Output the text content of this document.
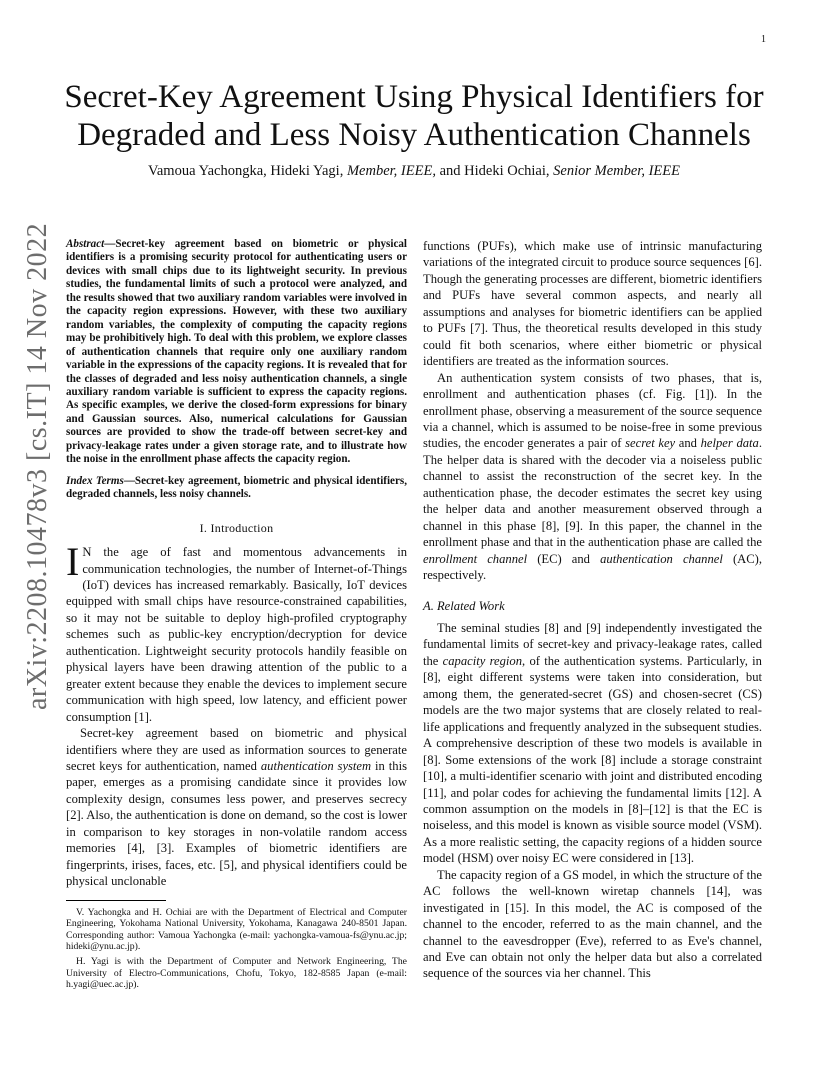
1
arXiv:2208.10478v3 [cs.IT] 14 Nov 2022
Secret-Key Agreement Using Physical Identifiers for
Degraded and Less Noisy Authentication Channels
Vamoua Yachongka, Hideki Yagi, Member, IEEE, and Hideki Ochiai, Senior Member, IEEE

Abstract—Secret-key agreement based on biometric or physical identifiers is a promising security protocol for authenticating users or devices with small chips due to its lightweight security. In previous studies, the fundamental limits of such a protocol were analyzed, and the results showed that two auxiliary random variables were involved in the capacity region expressions. However, with these two auxiliary random variables, the complexity of computing the capacity regions may be prohibitively high. To deal with this problem, we explore classes of authentication channels that require only one auxiliary random variable in the expressions of the capacity regions. It is revealed that for the classes of degraded and less noisy authentication channels, a single auxiliary random variable is sufficient to express the capacity regions. As specific examples, we derive the closed-form expressions for binary and Gaussian sources. Also, numerical calculations for Gaussian sources are provided to show the trade-off between secret-key and privacy-leakage rates under a given storage rate, and to illustrate how the noise in the enrollment phase affects the capacity region.

Index Terms—Secret-key agreement, biometric and physical identifiers, degraded channels, less noisy channels.

I. Introduction

I N the age of fast and momentous advancements in communication technologies, the number of Internet-of-Things (IoT) devices has increased remarkably. Basically, IoT devices equipped with small chips have resource-constrained capabilities, so it may not be suitable to deploy high-profiled cryptography schemes such as public-key encryption/decryption for device authentication. Lightweight security protocols handily feasible on physical layers have been drawing attention of the public to a greater extent because they enable the devices to implement secure communication with high speed, low latency, and efficient power consumption [1].

Secret-key agreement based on biometric and physical identifiers where they are used as information sources to generate secret keys for authentication, named authentication system in this paper, emerges as a promising candidate since it provides low complexity design, consumes less power, and preserves secrecy [2]. Also, the authentication is done on demand, so the cost is lower in comparison to key storages in non-volatile random access memories [4], [3]. Examples of biometric identifiers are fingerprints, irises, faces, etc. [5], and physical identifiers could be physical unclonable

V. Yachongka and H. Ochiai are with the Department of Electrical and Computer Engineering, Yokohama National University, Yokohama, Kanagawa 240-8501 Japan. Corresponding author: Vamoua Yachongka (e-mail: yachongka-vamoua-fs@ynu.ac.jp; hideki@ynu.ac.jp).

H. Yagi is with the Department of Computer and Network Engineering, The University of Electro-Communications, Chofu, Tokyo, 182-8585 Japan (e-mail: h.yagi@uec.ac.jp).

functions (PUFs), which make use of intrinsic manufacturing variations of the integrated circuit to produce source sequences [6]. Though the generating processes are different, biometric identifiers and PUFs have several common aspects, and nearly all assumptions and analyses for biometric identifiers can be applied to PUFs [7]. Thus, the theoretical results developed in this study could fit both scenarios, where either biometric or physical identifiers are treated as the information sources.

An authentication system consists of two phases, that is, enrollment and authentication phases (cf. Fig. [1]). In the enrollment phase, observing a measurement of the source sequence via a channel, which is assumed to be noise-free in some previous studies, the encoder generates a pair of secret key and helper data. The helper data is shared with the decoder via a noiseless public channel to assist the reconstruction of the secret key. In the authentication phase, the decoder estimates the secret key using the helper data and another measurement observed through a channel in this phase [8], [9]. In this paper, the channel in the enrollment phase and that in the authentication phase are called the enrollment channel (EC) and authentication channel (AC), respectively.

A. Related Work

The seminal studies [8] and [9] independently investigated the fundamental limits of secret-key and privacy-leakage rates, called the capacity region, of the authentication systems. Particularly, in [8], eight different systems were taken into consideration, but among them, the generated-secret (GS) and chosen-secret (CS) models are the two major systems that are closely related to real-life applications and frequently analyzed in the subsequent studies. A comprehensive description of these two models is available in [8]. Some extensions of the work [8] include a storage constraint [10], a multi-identifier scenario with joint and distributed encoding [11], and polar codes for achieving the fundamental limits [12]. A common assumption on the models in [8]–[12] is that the EC is noiseless, and this model is known as visible source model (VSM). As a more realistic setting, the capacity regions of a hidden source model (HSM) over noisy EC were considered in [13].

The capacity region of a GS model, in which the structure of the AC follows the well-known wiretap channels [14], was investigated in [15]. In this model, the AC is composed of the channel to the encoder, referred to as the main channel, and the channel to the eavesdropper (Eve), referred to as Eve's channel, and Eve can obtain not only the helper data but also a correlated sequence of the sources via her channel. This
